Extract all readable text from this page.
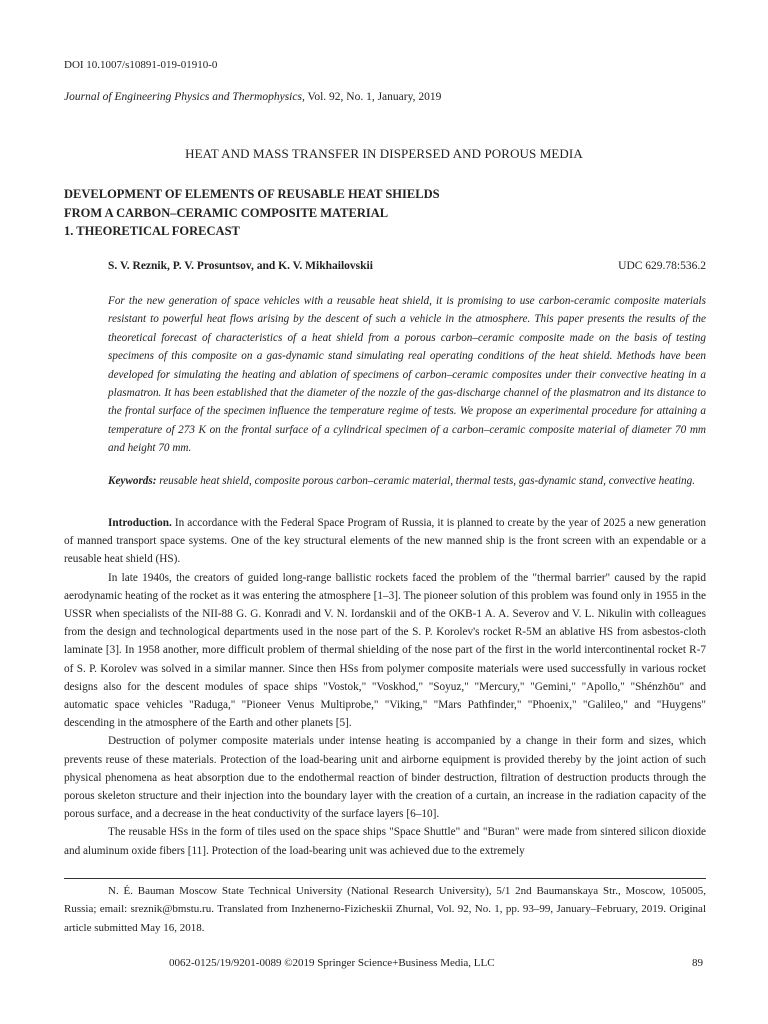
DOI 10.1007/s10891-019-01910-0
Journal of Engineering Physics and Thermophysics, Vol. 92, No. 1, January, 2019
HEAT AND MASS TRANSFER IN DISPERSED AND POROUS MEDIA
DEVELOPMENT OF ELEMENTS OF REUSABLE HEAT SHIELDS
FROM A CARBON–CERAMIC COMPOSITE MATERIAL
1. THEORETICAL FORECAST
S. V. Reznik, P. V. Prosuntsov, and K. V. Mikhailovskii	UDC 629.78:536.2
For the new generation of space vehicles with a reusable heat shield, it is promising to use carbon-ceramic composite materials resistant to powerful heat flows arising by the descent of such a vehicle in the atmosphere. This paper presents the results of the theoretical forecast of characteristics of a heat shield from a porous carbon–ceramic composite made on the basis of testing specimens of this composite on a gas-dynamic stand simulating real operating conditions of the heat shield. Methods have been developed for simulating the heating and ablation of specimens of carbon–ceramic composites under their convective heating in a plasmatron. It has been established that the diameter of the nozzle of the gas-discharge channel of the plasmatron and its distance to the frontal surface of the specimen influence the temperature regime of tests. We propose an experimental procedure for attaining a temperature of 273 K on the frontal surface of a cylindrical specimen of a carbon–ceramic composite material of diameter 70 mm and height 70 mm.
Keywords: reusable heat shield, composite porous carbon–ceramic material, thermal tests, gas-dynamic stand, convective heating.

Introduction. In accordance with the Federal Space Program of Russia, it is planned to create by the year of 2025 a new generation of manned transport space systems. One of the key structural elements of the new manned ship is the front screen with an expendable or a reusable heat shield (HS).

In late 1940s, the creators of guided long-range ballistic rockets faced the problem of the "thermal barrier" caused by the rapid aerodynamic heating of the rocket as it was entering the atmosphere [1–3]. The pioneer solution of this problem was found only in 1955 in the USSR when specialists of the NII-88 G. G. Konradi and V. N. Iordanskii and of the OKB-1 A. A. Severov and V. L. Nikulin with colleagues from the design and technological departments used in the nose part of the S. P. Korolev's rocket R-5M an ablative HS from asbestos-cloth laminate [3]. In 1958 another, more difficult problem of thermal shielding of the nose part of the first in the world intercontinental rocket R-7 of S. P. Korolev was solved in a similar manner. Since then HSs from polymer composite materials were used successfully in various rocket designs also for the descent modules of space ships "Vostok," "Voskhod," "Soyuz," "Mercury," "Gemini," "Apollo," "Shénzhōu" and automatic space vehicles "Raduga," "Pioneer Venus Multiprobe," "Viking," "Mars Pathfinder," "Phoenix," "Galileo," and "Huygens" descending in the atmosphere of the Earth and other planets [5].

Destruction of polymer composite materials under intense heating is accompanied by a change in their form and sizes, which prevents reuse of these materials. Protection of the load-bearing unit and airborne equipment is provided thereby by the joint action of such physical phenomena as heat absorption due to the endothermal reaction of binder destruction, filtration of destruction products through the porous skeleton structure and their injection into the boundary layer with the creation of a curtain, an increase in the radiation capacity of the porous surface, and a decrease in the heat conductivity of the surface layers [6–10].

The reusable HSs in the form of tiles used on the space ships "Space Shuttle" and "Buran" were made from sintered silicon dioxide and aluminum oxide fibers [11]. Protection of the load-bearing unit was achieved due to the extremely

N. É. Bauman Moscow State Technical University (National Research University), 5/1 2nd Baumanskaya Str., Moscow, 105005, Russia; email: sreznik@bmstu.ru. Translated from Inzhenerno-Fizicheskii Zhurnal, Vol. 92, No. 1, pp. 93–99, January–February, 2019. Original article submitted May 16, 2018.
0062-0125/19/9201-0089 ©2019 Springer Science+Business Media, LLC	89
